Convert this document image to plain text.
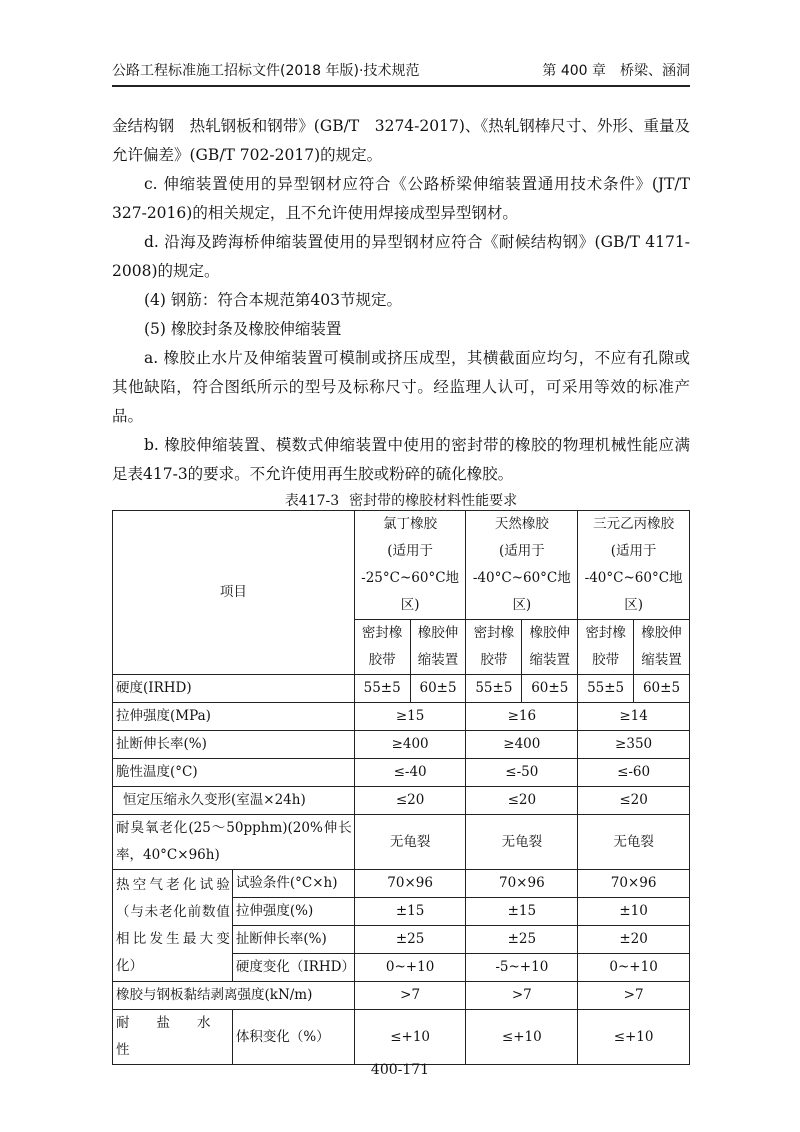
公路工程标准施工招标文件(2018 年版)·技术规范	第 400 章　桥梁、涵洞

金结构钢　热轧钢板和钢带》(GB/T　3274-2017)、《热轧钢棒尺寸、外形、重量及允许偏差》(GB/T 702-2017)的规定。

c. 伸缩装置使用的异型钢材应符合《公路桥梁伸缩装置通用技术条件》(JT/T 327-2016)的相关规定，且不允许使用焊接成型异型钢材。

d. 沿海及跨海桥伸缩装置使用的异型钢材应符合《耐候结构钢》(GB/T 4171-2008)的规定。

(4) 钢筋：符合本规范第403节规定。

(5) 橡胶封条及橡胶伸缩装置

a. 橡胶止水片及伸缩装置可模制或挤压成型，其横截面应均匀，不应有孔隙或其他缺陷，符合图纸所示的型号及标称尺寸。经监理人认可，可采用等效的标准产品。

b. 橡胶伸缩装置、模数式伸缩装置中使用的密封带的橡胶的物理机械性能应满足表417-3的要求。不允许使用再生胶或粉碎的硫化橡胶。

表417-3 密封带的橡胶材料性能要求
项目		氯丁橡胶
(适用于
-25°C~60°C地区)		天然橡胶
(适用于
-40°C~60°C地区)		三元乙丙橡胶
(适用于
-40°C~60°C地区)	
		密封橡胶带	橡胶伸缩装置	密封橡胶带	橡胶伸缩装置	密封橡胶带	橡胶伸缩装置
硬度(IRHD)		55±5	60±5	55±5	60±5	55±5	60±5
拉伸强度(MPa)		≥15		≥16		≥14	
扯断伸长率(%)		≥400		≥400		≥350	
脆性温度(°C)		≤-40		≤-50		≤-60	
恒定压缩永久变形(室温×24h)		≤20		≤20		≤20	
耐臭氧老化(25～50pphm)(20%伸长率，40°C×96h)		无龟裂		无龟裂		无龟裂	
热空气老化试验（与未老化前数值相比发生最大变化）	试验条件(°C×h)	70×96		70×96		70×96	
	拉伸强度(%)	±15		±15		±10	
	扯断伸长率(%)	±25		±25		±20	
	硬度变化（IRHD）	0~+10		-5~+10		0~+10	
橡胶与钢板黏结剥离强度(kN/m)		>7		>7		>7	
耐　　盐　　水　　性	体积变化（%）	≤+10		≤+10		≤+10	
400-171
